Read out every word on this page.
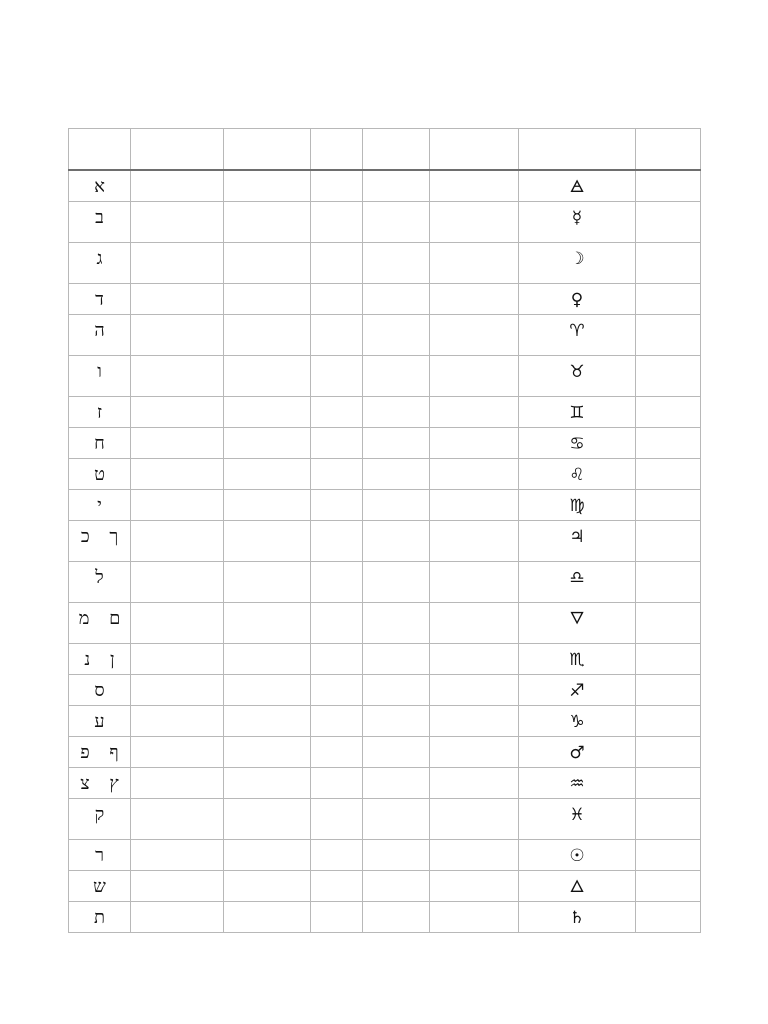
א						🜁	
ב						☿	
ג						☽	
ד						♀	
ה						♈	
ו						♉	
ז						♊	
ח						♋	
ט						♌	
י						♍	
ך כ						♃	
ל						♎	
ם מ						🜄	
ן נ						♏	
ס						♐	
ע						♑	
ף פ						♂	
ץ צ						♒	
ק						♓	
ר						☉	
ש						🜂	
ת						♄	
